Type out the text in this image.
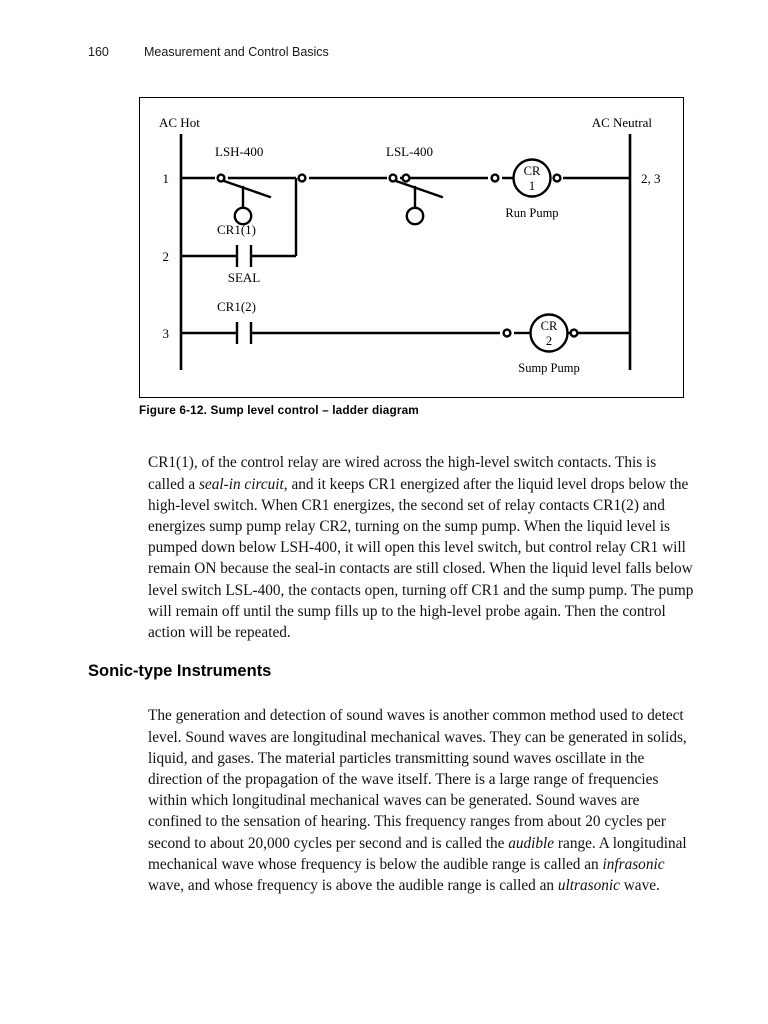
160	Measurement and Control Basics
AC Hot	AC Neutral
LSH-400	LSL-400
CR
1
Run Pump
1	2, 3
CR1(1)
SEAL
2
CR1(2)
CR
2
Sump Pump
3
Figure 6-12. Sump level control – ladder diagram

CR1(1), of the control relay are wired across the high-level switch contacts. This is called a seal-in circuit, and it keeps CR1 energized after the liquid level drops below the high-level switch. When CR1 energizes, the second set of relay contacts CR1(2) and energizes sump pump relay CR2, turning on the sump pump. When the liquid level is pumped down below LSH-400, it will open this level switch, but control relay CR1 will remain ON because the seal-in contacts are still closed. When the liquid level falls below level switch LSL-400, the contacts open, turning off CR1 and the sump pump. The pump will remain off until the sump fills up to the high-level probe again. Then the control action will be repeated.

Sonic-type Instruments

The generation and detection of sound waves is another common method used to detect level. Sound waves are longitudinal mechanical waves. They can be generated in solids, liquid, and gases. The material particles transmitting sound waves oscillate in the direction of the propagation of the wave itself. There is a large range of frequencies within which longitudinal mechanical waves can be generated. Sound waves are confined to the sensation of hearing. This frequency ranges from about 20 cycles per second to about 20,000 cycles per second and is called the audible range. A longitudinal mechanical wave whose frequency is below the audible range is called an infrasonic wave, and whose frequency is above the audible range is called an ultrasonic wave.
